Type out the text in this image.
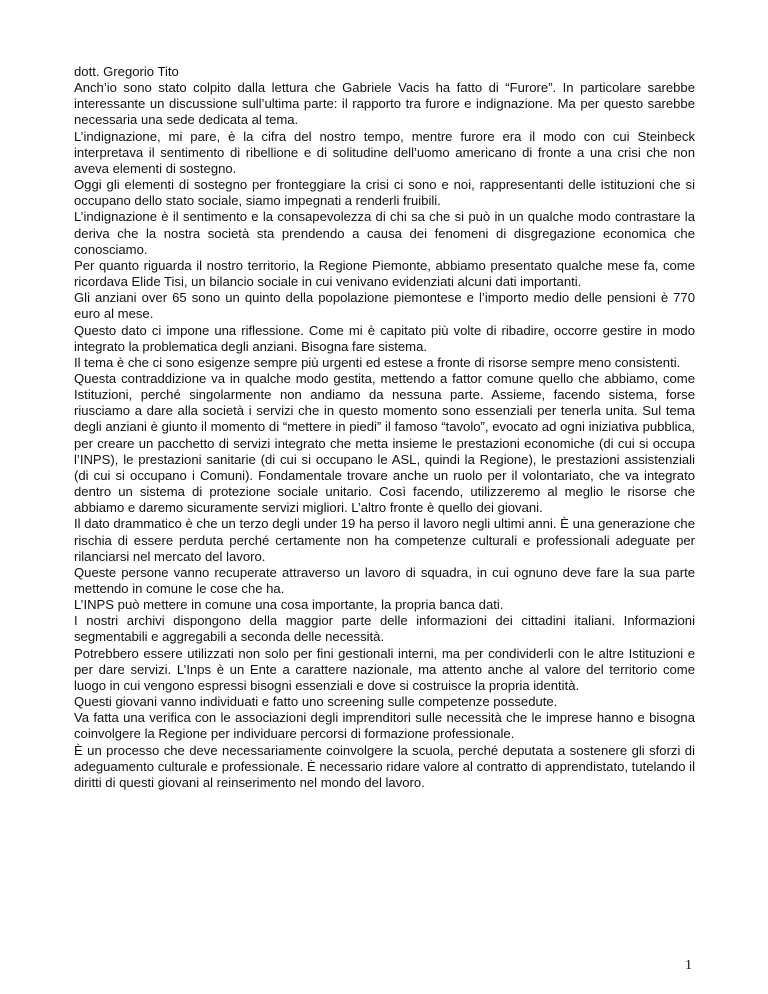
dott. Gregorio Tito

Anch’io sono stato colpito dalla lettura che Gabriele Vacis ha fatto di “Furore”. In particolare sarebbe interessante un discussione sull’ultima parte: il rapporto tra furore e indignazione. Ma per questo sarebbe necessaria una sede dedicata al tema.

L’indignazione, mi pare, è la cifra del nostro tempo, mentre furore era il modo con cui Steinbeck interpretava il sentimento di ribellione e di solitudine dell’uomo americano di fronte a una crisi che non aveva elementi di sostegno.

Oggi gli elementi di sostegno per fronteggiare la crisi ci sono e noi, rappresentanti delle istituzioni che si occupano dello stato sociale, siamo impegnati a renderli fruibili.

L’indignazione è il sentimento e la consapevolezza di chi sa che si può in un qualche modo contrastare la deriva che la nostra società sta prendendo a causa dei fenomeni di disgregazione economica che conosciamo.

Per quanto riguarda il nostro territorio, la Regione Piemonte, abbiamo presentato qualche mese fa, come ricordava Elide Tisi, un bilancio sociale in cui venivano evidenziati alcuni dati importanti.

Gli anziani over 65 sono un quinto della popolazione piemontese e l’importo medio delle pensioni è 770 euro al mese.

Questo dato ci impone una riflessione. Come mi è capitato più volte di ribadire, occorre gestire in modo integrato la problematica degli anziani. Bisogna fare sistema.

Il tema è che ci sono esigenze sempre più urgenti ed estese a fronte di risorse sempre meno consistenti.

Questa contraddizione va in qualche modo gestita, mettendo a fattor comune quello che abbiamo, come Istituzioni, perché singolarmente non andiamo da nessuna parte. Assieme, facendo sistema, forse riusciamo a dare alla società i servizi che in questo momento sono essenziali per tenerla unita. Sul tema degli anziani è giunto il momento di “mettere in piedi” il famoso “tavolo”, evocato ad ogni iniziativa pubblica, per creare un pacchetto di servizi integrato che metta insieme le prestazioni economiche (di cui si occupa l’INPS), le prestazioni sanitarie (di cui si occupano le ASL, quindi la Regione), le prestazioni assistenziali (di cui si occupano i Comuni). Fondamentale trovare anche un ruolo per il volontariato, che va integrato dentro un sistema di protezione sociale unitario. Così facendo, utilizzeremo al meglio le risorse che abbiamo e daremo sicuramente servizi migliori. L’altro fronte è quello dei giovani.

Il dato drammatico è che un terzo degli under 19 ha perso il lavoro negli ultimi anni. È una generazione che rischia di essere perduta perché certamente non ha competenze culturali e professionali adeguate per rilanciarsi nel mercato del lavoro.

Queste persone vanno recuperate attraverso un lavoro di squadra, in cui ognuno deve fare la sua parte mettendo in comune le cose che ha.

L’INPS può mettere in comune una cosa importante, la propria banca dati.

I nostri archivi dispongono della maggior parte delle informazioni dei cittadini italiani. Informazioni segmentabili e aggregabili a seconda delle necessità.

Potrebbero essere utilizzati non solo per fini gestionali interni, ma per condividerli con le altre Istituzioni e per dare servizi. L’Inps è un Ente a carattere nazionale, ma attento anche al valore del territorio come luogo in cui vengono espressi bisogni essenziali e dove si costruisce la propria identità.

Questi giovani vanno individuati e fatto uno screening sulle competenze possedute.

Va fatta una verifica con le associazioni degli imprenditori sulle necessità che le imprese hanno e bisogna coinvolgere la Regione per individuare percorsi di formazione professionale.

È un processo che deve necessariamente coinvolgere la scuola, perché deputata a sostenere gli sforzi di adeguamento culturale e professionale. È necessario ridare valore al contratto di apprendistato, tutelando il diritti di questi giovani al reinserimento nel mondo del lavoro.

1
